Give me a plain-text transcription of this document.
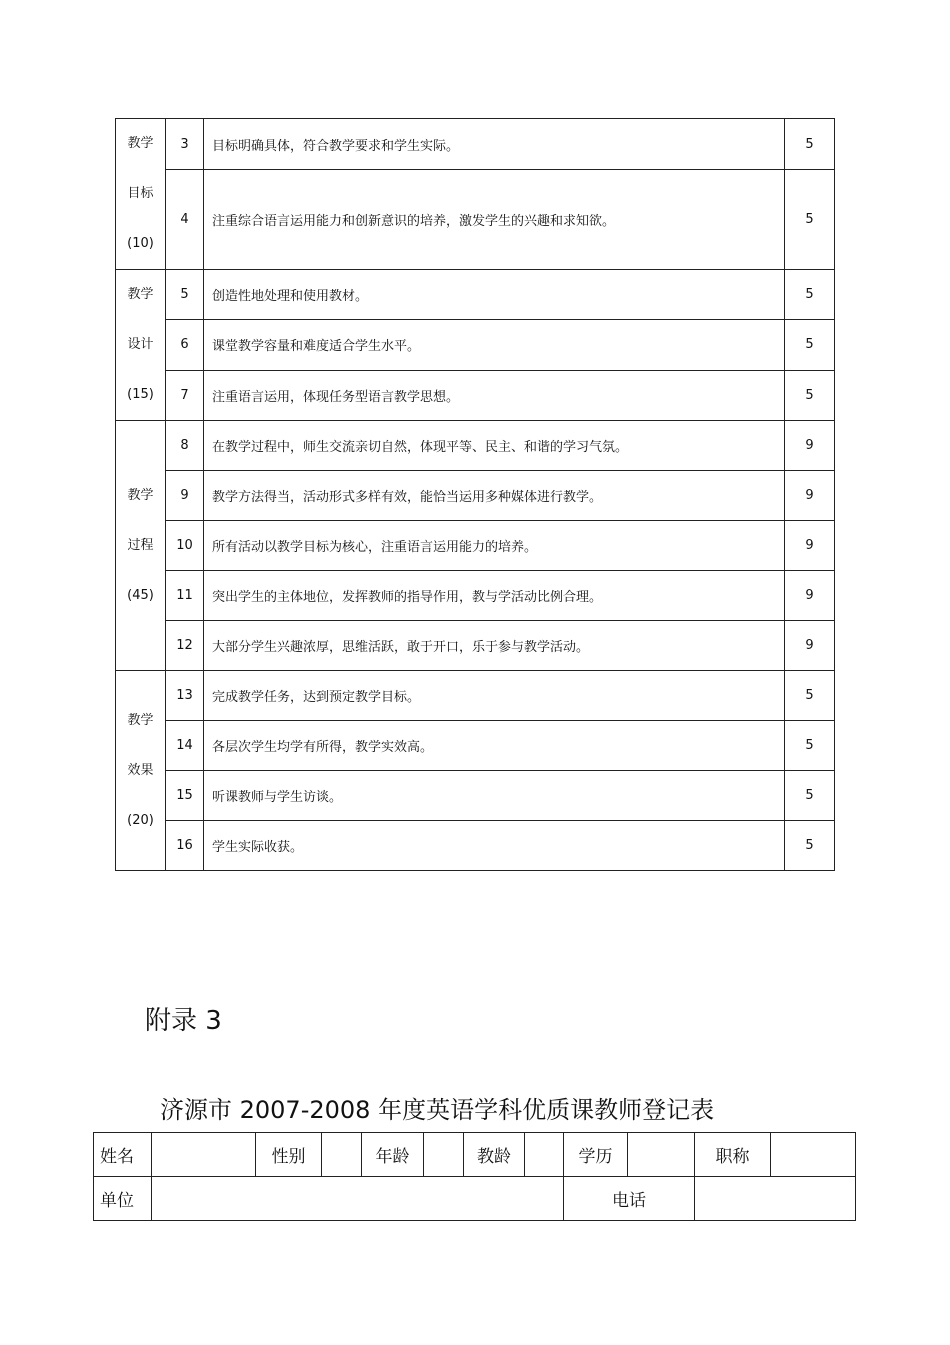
教学
目标
(10)	3	目标明确具体，符合教学要求和学生实际。	5
	4	注重综合语言运用能力和创新意识的培养，激发学生的兴趣和求知欲。	5

教学
设计
(15)	5	创造性地处理和使用教材。	5
	6	课堂教学容量和难度适合学生水平。	5
	7	注重语言运用，体现任务型语言教学思想。	5

教学
过程
(45)	8	在教学过程中，师生交流亲切自然，体现平等、民主、和谐的学习气氛。	9
	9	教学方法得当，活动形式多样有效，能恰当运用多种媒体进行教学。	9
	10	所有活动以教学目标为核心，注重语言运用能力的培养。	9
	11	突出学生的主体地位，发挥教师的指导作用，教与学活动比例合理。	9
	12	大部分学生兴趣浓厚，思维活跃，敢于开口，乐于参与教学活动。	9

教学
效果
(20)	13	完成教学任务，达到预定教学目标。	5
	14	各层次学生均学有所得，教学实效高。	5
	15	听课教师与学生访谈。	5
	16	学生实际收获。	5
附录 3
济源市 2007-2008 年度英语学科优质课教师登记表
姓名		性别		年龄		教龄		学历		职称	
单位								电话			
